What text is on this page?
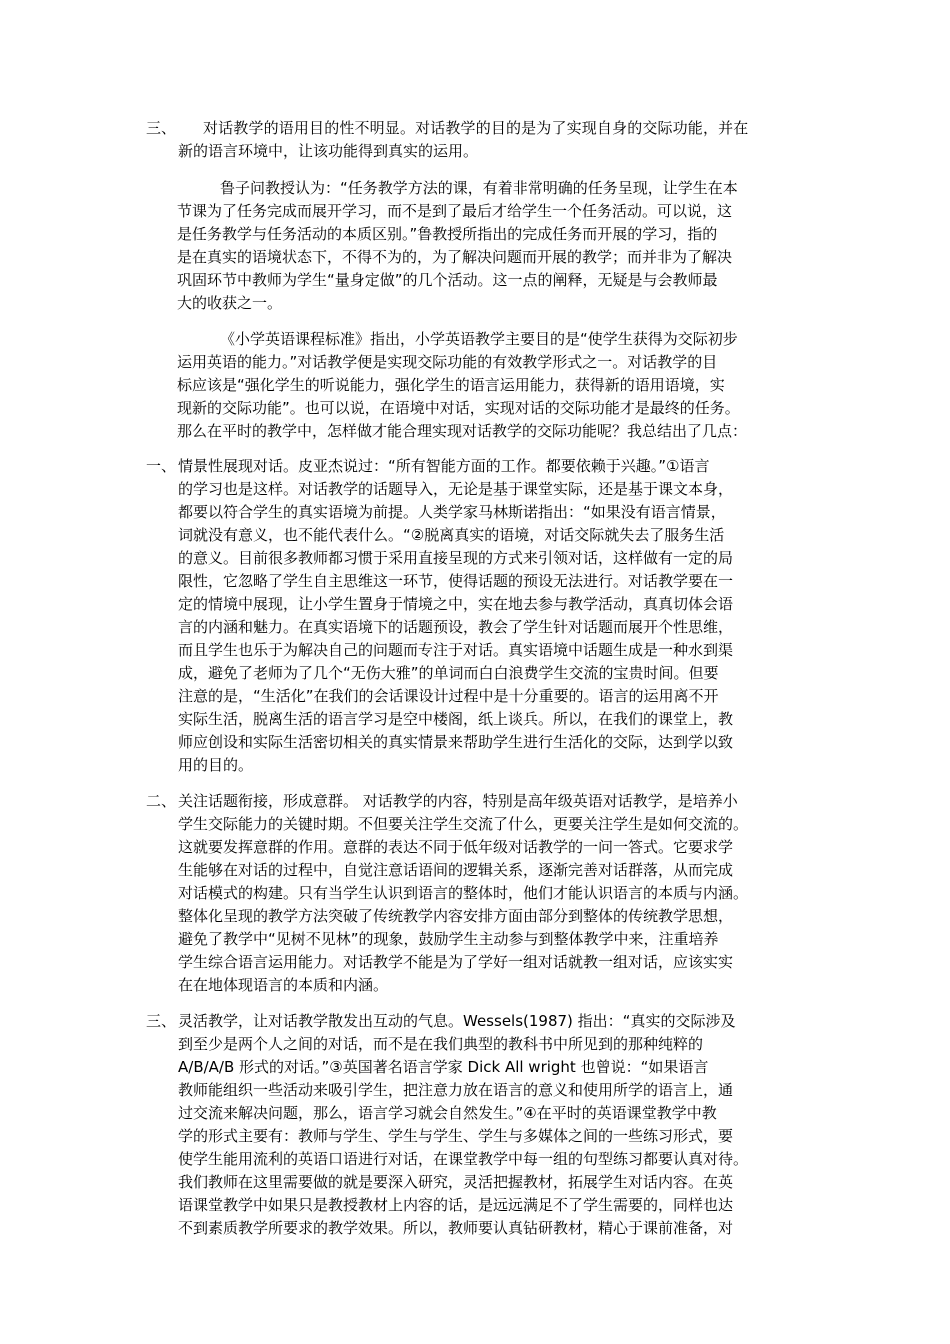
三、 对话教学的语用目的性不明显。对话教学的目的是为了实现自身的交际功能，并在
新的语言环境中，让该功能得到真实的运用。
鲁子问教授认为：“任务教学方法的课，有着非常明确的任务呈现，让学生在本
节课为了任务完成而展开学习，而不是到了最后才给学生一个任务活动。可以说，这
是任务教学与任务活动的本质区别。”鲁教授所指出的完成任务而开展的学习，指的
是在真实的语境状态下，不得不为的，为了解决问题而开展的教学；而并非为了解决
巩固环节中教师为学生“量身定做”的几个活动。这一点的阐释，无疑是与会教师最
大的收获之一。
《小学英语课程标准》指出，小学英语教学主要目的是“使学生获得为交际初步
运用英语的能力。”对话教学便是实现交际功能的有效教学形式之一。对话教学的目
标应该是“强化学生的听说能力，强化学生的语言运用能力，获得新的语用语境，实
现新的交际功能”。也可以说，在语境中对话，实现对话的交际功能才是最终的任务。
那么在平时的教学中，怎样做才能合理实现对话教学的交际功能呢？我总结出了几点：
一、 情景性展现对话。皮亚杰说过：“所有智能方面的工作。都要依赖于兴趣。”①语言
的学习也是这样。对话教学的话题导入，无论是基于课堂实际，还是基于课文本身，
都要以符合学生的真实语境为前提。人类学家马林斯诺指出：“如果没有语言情景，
词就没有意义，也不能代表什么。“②脱离真实的语境，对话交际就失去了服务生活
的意义。目前很多教师都习惯于采用直接呈现的方式来引领对话，这样做有一定的局
限性，它忽略了学生自主思维这一环节，使得话题的预设无法进行。对话教学要在一
定的情境中展现，让小学生置身于情境之中，实在地去参与教学活动，真真切体会语
言的内涵和魅力。在真实语境下的话题预设，教会了学生针对话题而展开个性思维，
而且学生也乐于为解决自己的问题而专注于对话。真实语境中话题生成是一种水到渠
成，避免了老师为了几个“无伤大雅”的单词而白白浪费学生交流的宝贵时间。但要
注意的是，“生活化”在我们的会话课设计过程中是十分重要的。语言的运用离不开
实际生活，脱离生活的语言学习是空中楼阁，纸上谈兵。所以，在我们的课堂上，教
师应创设和实际生活密切相关的真实情景来帮助学生进行生活化的交际，达到学以致
用的目的。
二、 关注话题衔接，形成意群。 对话教学的内容，特别是高年级英语对话教学，是培养小
学生交际能力的关键时期。不但要关注学生交流了什么，更要关注学生是如何交流的。
这就要发挥意群的作用。意群的表达不同于低年级对话教学的一问一答式。它要求学
生能够在对话的过程中，自觉注意话语间的逻辑关系，逐渐完善对话群落，从而完成
对话模式的构建。只有当学生认识到语言的整体时，他们才能认识语言的本质与内涵。
整体化呈现的教学方法突破了传统教学内容安排方面由部分到整体的传统教学思想，
避免了教学中“见树不见林”的现象，鼓励学生主动参与到整体教学中来，注重培养
学生综合语言运用能力。对话教学不能是为了学好一组对话就教一组对话，应该实实
在在地体现语言的本质和内涵。
三、 灵活教学，让对话教学散发出互动的气息。Wessels(1987) 指出：“真实的交际涉及
到至少是两个人之间的对话，而不是在我们典型的教科书中所见到的那种纯粹的
A/B/A/B 形式的对话。”③英国著名语言学家 Dick All wright 也曾说：“如果语言
教师能组织一些活动来吸引学生，把注意力放在语言的意义和使用所学的语言上，通
过交流来解决问题，那么，语言学习就会自然发生。”④在平时的英语课堂教学中教
学的形式主要有：教师与学生、学生与学生、学生与多媒体之间的一些练习形式，要
使学生能用流利的英语口语进行对话，在课堂教学中每一组的句型练习都要认真对待。
我们教师在这里需要做的就是要深入研究，灵活把握教材，拓展学生对话内容。在英
语课堂教学中如果只是教授教材上内容的话，是远远满足不了学生需要的，同样也达
不到素质教学所要求的教学效果。所以，教师要认真钻研教材，精心于课前准备，对
